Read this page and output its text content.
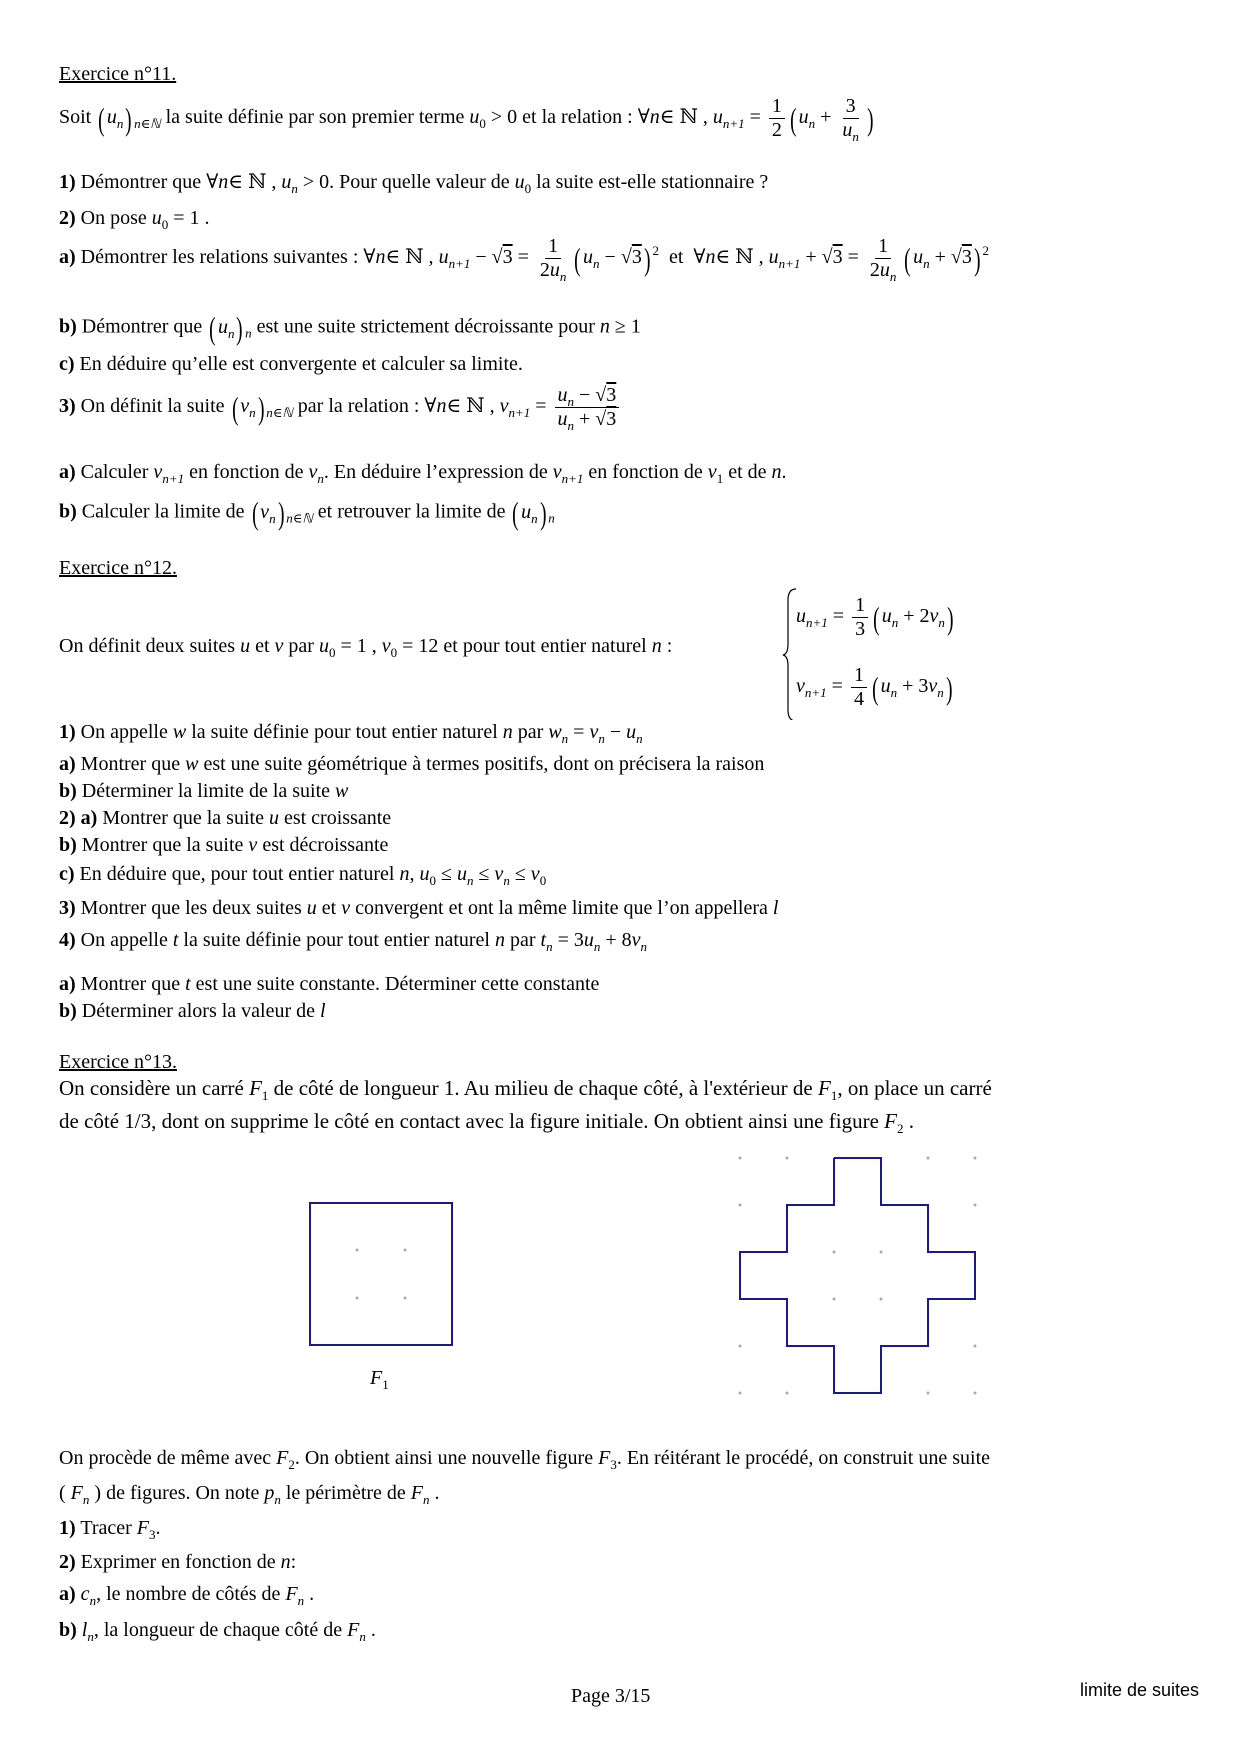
Exercice n°11.
Soit ( $u_n$) $_{n\in ℕ}$ la suite définie par son premier terme $u_0 > 0$ et la relation : ∀n∈ ℕ , $u_{n+1} = \frac{1}{2}$ ( $u_n + \frac{3}{u_n}$ )
1) Démontrer que ∀n∈ ℕ , $u_n > 0$. Pour quelle valeur de $u_0$ la suite est-elle stationnaire ?
2) On pose $u_0 = 1$ .
a) Démontrer les relations suivantes : ∀n∈ ℕ , $u_{n+1} - √3 = \frac{1}{2u_n}$ ( $u_n - √3$) $^2$ et  ∀n∈ ℕ , $u_{n+1} + √3 = \frac{1}{2u_n}$ ( $u_n + √3$) $^2$
b) Démontrer que ( $u_n$) $_n$ est une suite strictement décroissante pour n ≥ 1
c) En déduire qu’elle est convergente et calculer sa limite.
3) On définit la suite ( $v_n$) $_{n\in ℕ}$ par la relation : ∀n∈ ℕ , $v_{n+1} = \frac{u_n - √3}{u_n + √3}$
a) Calculer $v_{n+1}$ en fonction de $v_n$. En déduire l’expression de $v_{n+1}$ en fonction de $v_1$ et de n.
b) Calculer la limite de ( $v_n$) $_{n\in ℕ}$ et retrouver la limite de ( $u_n$) $_n$
Exercice n°12.
On définit deux suites u et v par $u_0 = 1$ , $v_0 = 12$ et pour tout entier naturel n :
$u_{n+1} = \frac{1}{3}$ ( $u_n + 2v_n$)
$v_{n+1} = \frac{1}{4}$ ( $u_n + 3v_n$)
1) On appelle w la suite définie pour tout entier naturel n par $w_n = v_n - u_n$
a) Montrer que w est une suite géométrique à termes positifs, dont on précisera la raison
b) Déterminer la limite de la suite w
2) a) Montrer que la suite u est croissante
b) Montrer que la suite v est décroissante
c) En déduire que, pour tout entier naturel n, $u_0 \le u_n \le v_n \le v_0$
3) Montrer que les deux suites u et v convergent et ont la même limite que l’on appellera l
4) On appelle t la suite définie pour tout entier naturel n par $t_n = 3u_n + 8v_n$
a) Montrer que t est une suite constante. Déterminer cette constante
b) Déterminer alors la valeur de l
Exercice n°13.
On considère un carré $F_1$ de côté de longueur 1. Au milieu de chaque côté, à l'extérieur de $F_1$, on place un carré
de côté 1/3, dont on supprime le côté en contact avec la figure initiale. On obtient ainsi une figure $F_2$ .
$F_1$
On procède de même avec $F_2$. On obtient ainsi une nouvelle figure $F_3$. En réitérant le procédé, on construit une suite
( $F_n$ ) de figures. On note $p_n$ le périmètre de $F_n$ .
1) Tracer $F_3$.
2) Exprimer en fonction de n:
a) $c_n$, le nombre de côtés de $F_n$ .
b) $l_n$, la longueur de chaque côté de $F_n$ .
Page 3/15	limite de suites
